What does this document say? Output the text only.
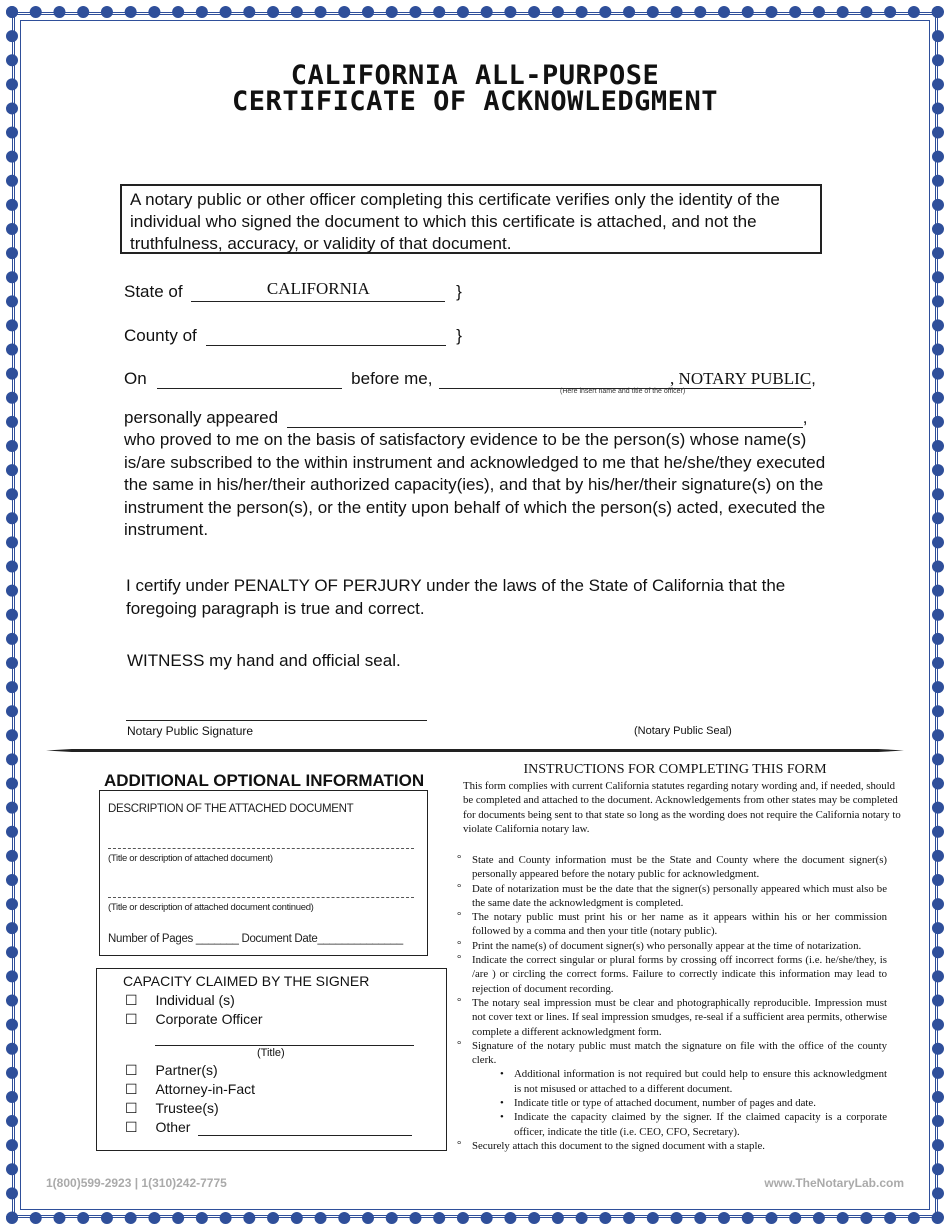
CALIFORNIA ALL-PURPOSE
CERTIFICATE OF ACKNOWLEDGMENT
A notary public or other officer completing this certificate verifies only the identity of the individual who signed the document to which this certificate is attached, and not the truthfulness, accuracy, or validity of that document.
State of	CALIFORNIA	}
County of	}
On	before me,	, NOTARY PUBLIC,
(Here insert name and title of the officer)
personally appeared	,
who proved to me on the basis of satisfactory evidence to be the person(s) whose name(s) is/are subscribed to the within instrument and acknowledged to me that he/she/they executed the same in his/her/their authorized capacity(ies), and that by his/her/their signature(s) on the instrument the person(s), or the entity upon behalf of which the person(s) acted, executed the instrument.
I certify under PENALTY OF PERJURY under the laws of the State of California that the foregoing paragraph is true and correct.
WITNESS my hand and official seal.
Notary Public Signature	(Notary Public Seal)
ADDITIONAL OPTIONAL INFORMATION
DESCRIPTION OF THE ATTACHED DOCUMENT
(Title or description of attached document)
(Title or description of attached document continued)
Number of Pages _______ Document Date______________
CAPACITY CLAIMED BY THE SIGNER
☐ Individual (s)
☐ Corporate Officer
(Title)
☐ Partner(s)
☐ Attorney-in-Fact
☐ Trustee(s)
☐ Other
INSTRUCTIONS FOR COMPLETING THIS FORM
This form complies with current California statutes regarding notary wording and, if needed, should be completed and attached to the document. Acknowledgements from other states may be completed for documents being sent to that state so long as the wording does not require the California notary to violate California notary law.
° State and County information must be the State and County where the document signer(s) personally appeared before the notary public for acknowledgment.
° Date of notarization must be the date that the signer(s) personally appeared which must also be the same date the acknowledgment is completed.
° The notary public must print his or her name as it appears within his or her commission followed by a comma and then your title (notary public).
° Print the name(s) of document signer(s) who personally appear at the time of notarization.
° Indicate the correct singular or plural forms by crossing off incorrect forms (i.e. he/she/they, is /are ) or circling the correct forms. Failure to correctly indicate this information may lead to rejection of document recording.
° The notary seal impression must be clear and photographically reproducible. Impression must not cover text or lines. If seal impression smudges, re-seal if a sufficient area permits, otherwise complete a different acknowledgment form.
° Signature of the notary public must match the signature on file with the office of the county clerk.
• Additional information is not required but could help to ensure this acknowledgment is not misused or attached to a different document.
• Indicate title or type of attached document, number of pages and date.
• Indicate the capacity claimed by the signer. If the claimed capacity is a corporate officer, indicate the title (i.e. CEO, CFO, Secretary).
° Securely attach this document to the signed document with a staple.
1(800)599-2923 | 1(310)242-7775	www.TheNotaryLab.com
